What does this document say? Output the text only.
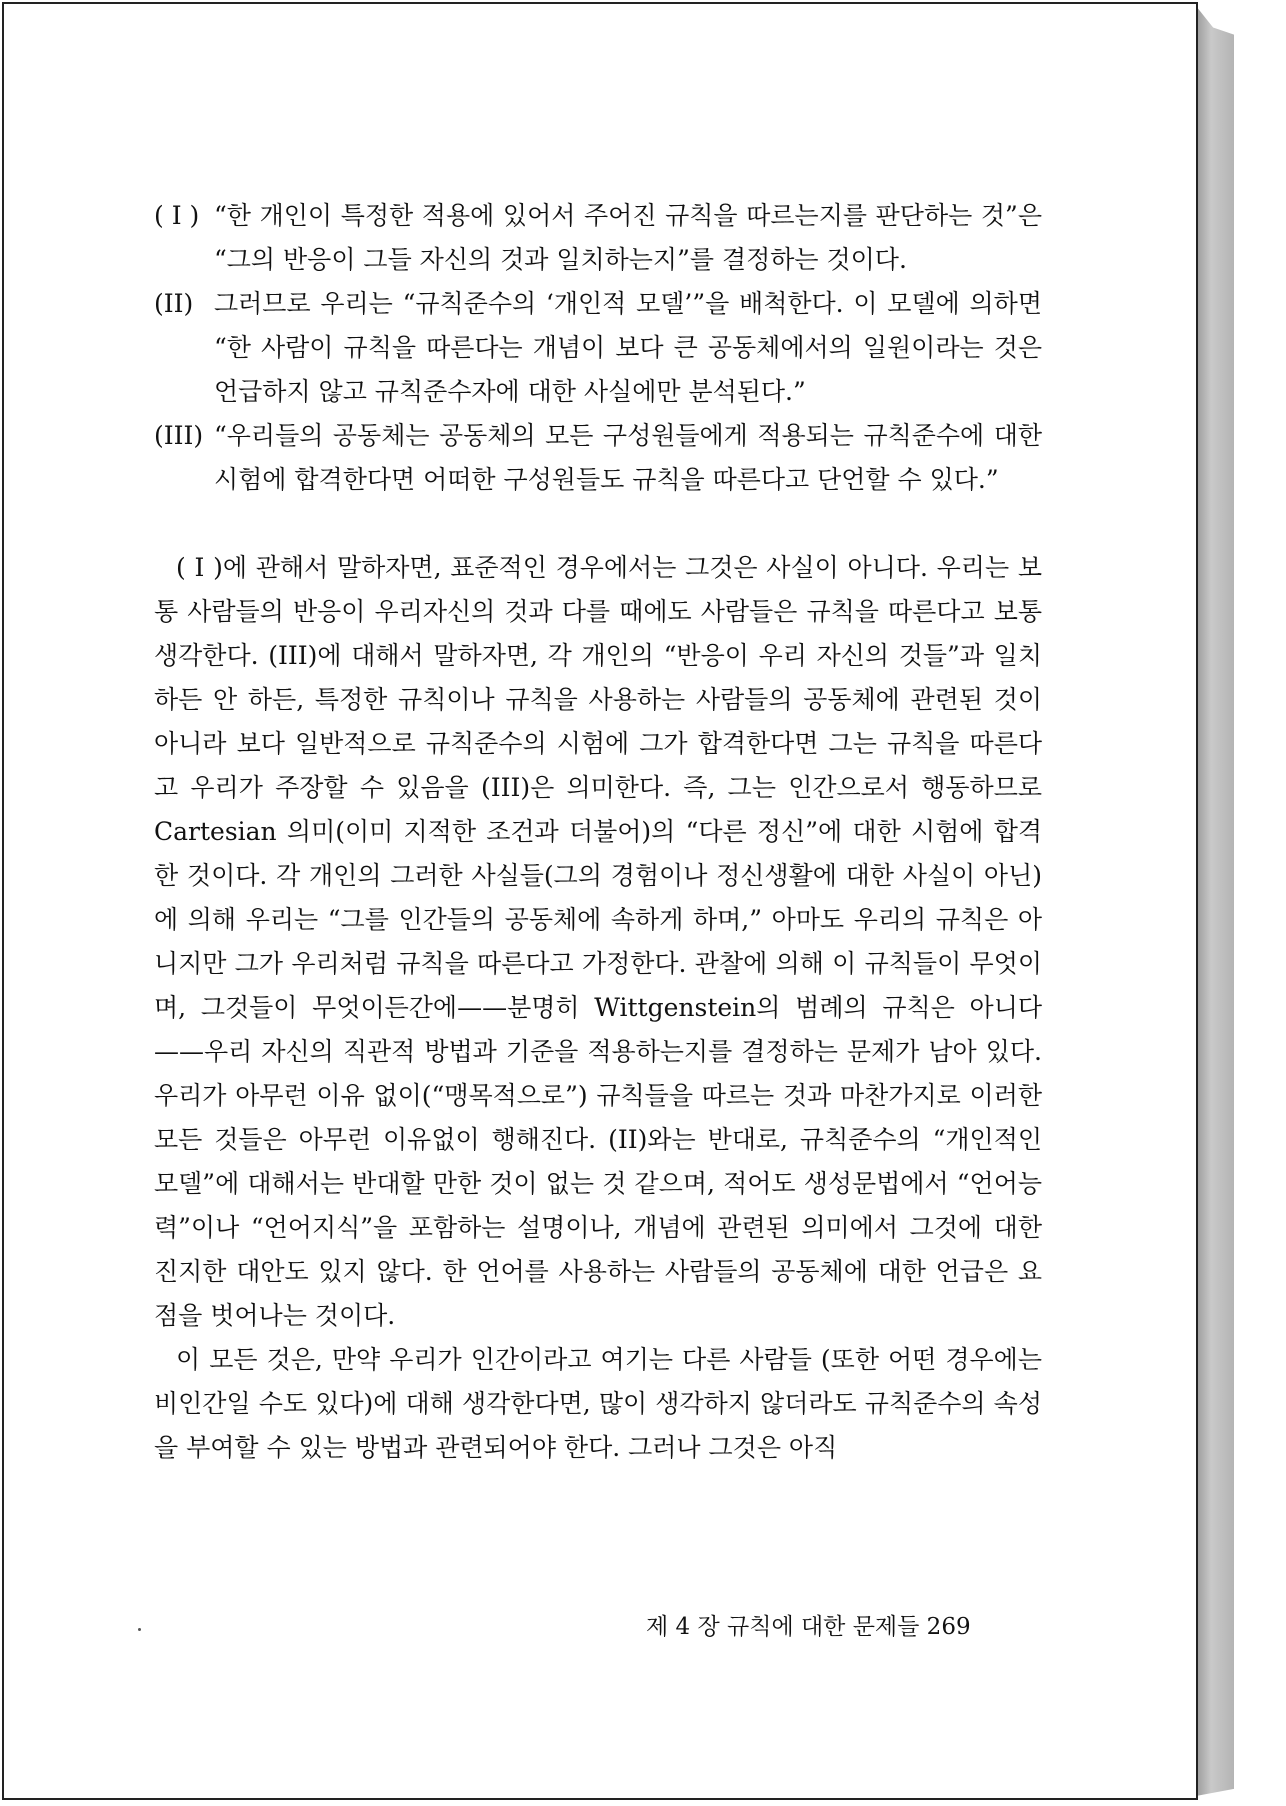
( I ) “한 개인이 특정한 적용에 있어서 주어진 규칙을 따르는지를 판단하는 것”은 “그의 반응이 그들 자신의 것과 일치하는지”를 결정하는 것이다.
(II) 그러므로 우리는 “규칙준수의 ‘개인적 모델’”을 배척한다. 이 모델에 의하면 “한 사람이 규칙을 따른다는 개념이 보다 큰 공동체에서의 일원이라는 것은 언급하지 않고 규칙준수자에 대한 사실에만 분석된다.”
(III) “우리들의 공동체는 공동체의 모든 구성원들에게 적용되는 규칙준수에 대한 시험에 합격한다면 어떠한 구성원들도 규칙을 따른다고 단언할 수 있다.”

( I )에 관해서 말하자면, 표준적인 경우에서는 그것은 사실이 아니다. 우리는 보통 사람들의 반응이 우리자신의 것과 다를 때에도 사람들은 규칙을 따른다고 보통 생각한다. (III)에 대해서 말하자면, 각 개인의 “반응이 우리 자신의 것들”과 일치하든 안 하든, 특정한 규칙이나 규칙을 사용하는 사람들의 공동체에 관련된 것이 아니라 보다 일반적으로 규칙준수의 시험에 그가 합격한다면 그는 규칙을 따른다고 우리가 주장할 수 있음을 (III)은 의미한다. 즉, 그는 인간으로서 행동하므로 Cartesian 의미(이미 지적한 조건과 더불어)의 “다른 정신”에 대한 시험에 합격한 것이다. 각 개인의 그러한 사실들(그의 경험이나 정신생활에 대한 사실이 아닌)에 의해 우리는 “그를 인간들의 공동체에 속하게 하며,” 아마도 우리의 규칙은 아니지만 그가 우리처럼 규칙을 따른다고 가정한다. 관찰에 의해 이 규칙들이 무엇이며, 그것들이 무엇이든간에——분명히 Wittgenstein의 범례의 규칙은 아니다——우리 자신의 직관적 방법과 기준을 적용하는지를 결정하는 문제가 남아 있다. 우리가 아무런 이유 없이(“맹목적으로”) 규칙들을 따르는 것과 마찬가지로 이러한 모든 것들은 아무런 이유없이 행해진다. (II)와는 반대로, 규칙준수의 “개인적인 모델”에 대해서는 반대할 만한 것이 없는 것 같으며, 적어도 생성문법에서 “언어능력”이나 “언어지식”을 포함하는 설명이나, 개념에 관련된 의미에서 그것에 대한 진지한 대안도 있지 않다. 한 언어를 사용하는 사람들의 공동체에 대한 언급은 요점을 벗어나는 것이다.

이 모든 것은, 만약 우리가 인간이라고 여기는 다른 사람들 (또한 어떤 경우에는 비인간일 수도 있다)에 대해 생각한다면, 많이 생각하지 않더라도 규칙준수의 속성을 부여할 수 있는 방법과 관련되어야 한다. 그러나 그것은 아직

제 4 장 규칙에 대한 문제들 269
